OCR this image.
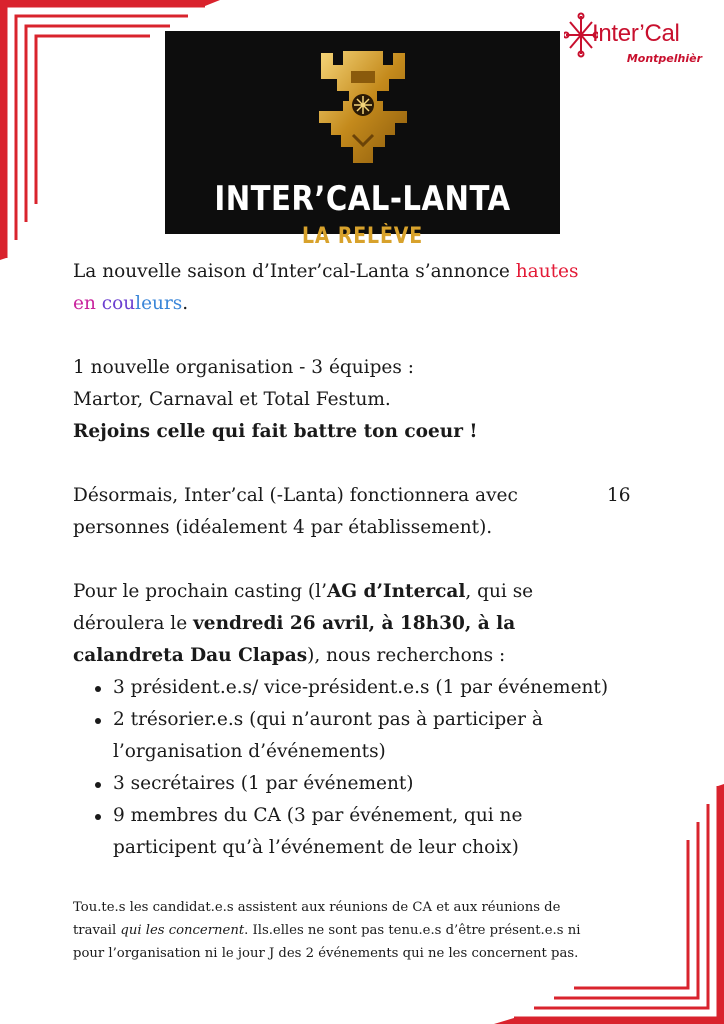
Inter’Cal
Montpelhièr
INTER’CAL-LANTA
LA RELÈVE

La nouvelle saison d’Inter’cal-Lanta s’annonce hautes

en couleurs.

1 nouvelle organisation - 3 équipes :

Martor, Carnaval et Total Festum.

Rejoins celle qui fait battre ton coeur !

Désormais, Inter’cal (-Lanta) fonctionnera avec	16

personnes (idéalement 4 par établissement).

Pour le prochain casting (l’AG d’Intercal, qui se

déroulera le vendredi 26 avril, à 18h30, à la

calandreta Dau Clapas), nous recherchons :

3 président.e.s/ vice-président.e.s (1 par événement)
2 trésorier.e.s (qui n’auront pas à participer à
l’organisation d’événements)
3 secrétaires (1 par événement)
9 membres du CA (3 par événement, qui ne
participent qu’à l’événement de leur choix)
Tou.te.s les candidat.e.s assistent aux réunions de CA et aux réunions de
travail qui les concernent. Ils.elles ne sont pas tenu.e.s d’être présent.e.s ni
pour l’organisation ni le jour J des 2 événements qui ne les concernent pas.
